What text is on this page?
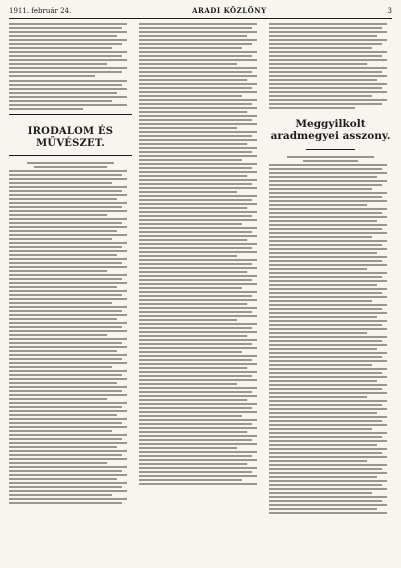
1911. február 24.	ARADI KÖZLÖNY	3
IRODALOM ÉS MŰVÉSZET.
Meggyilkolt aradmegyei asszony.
